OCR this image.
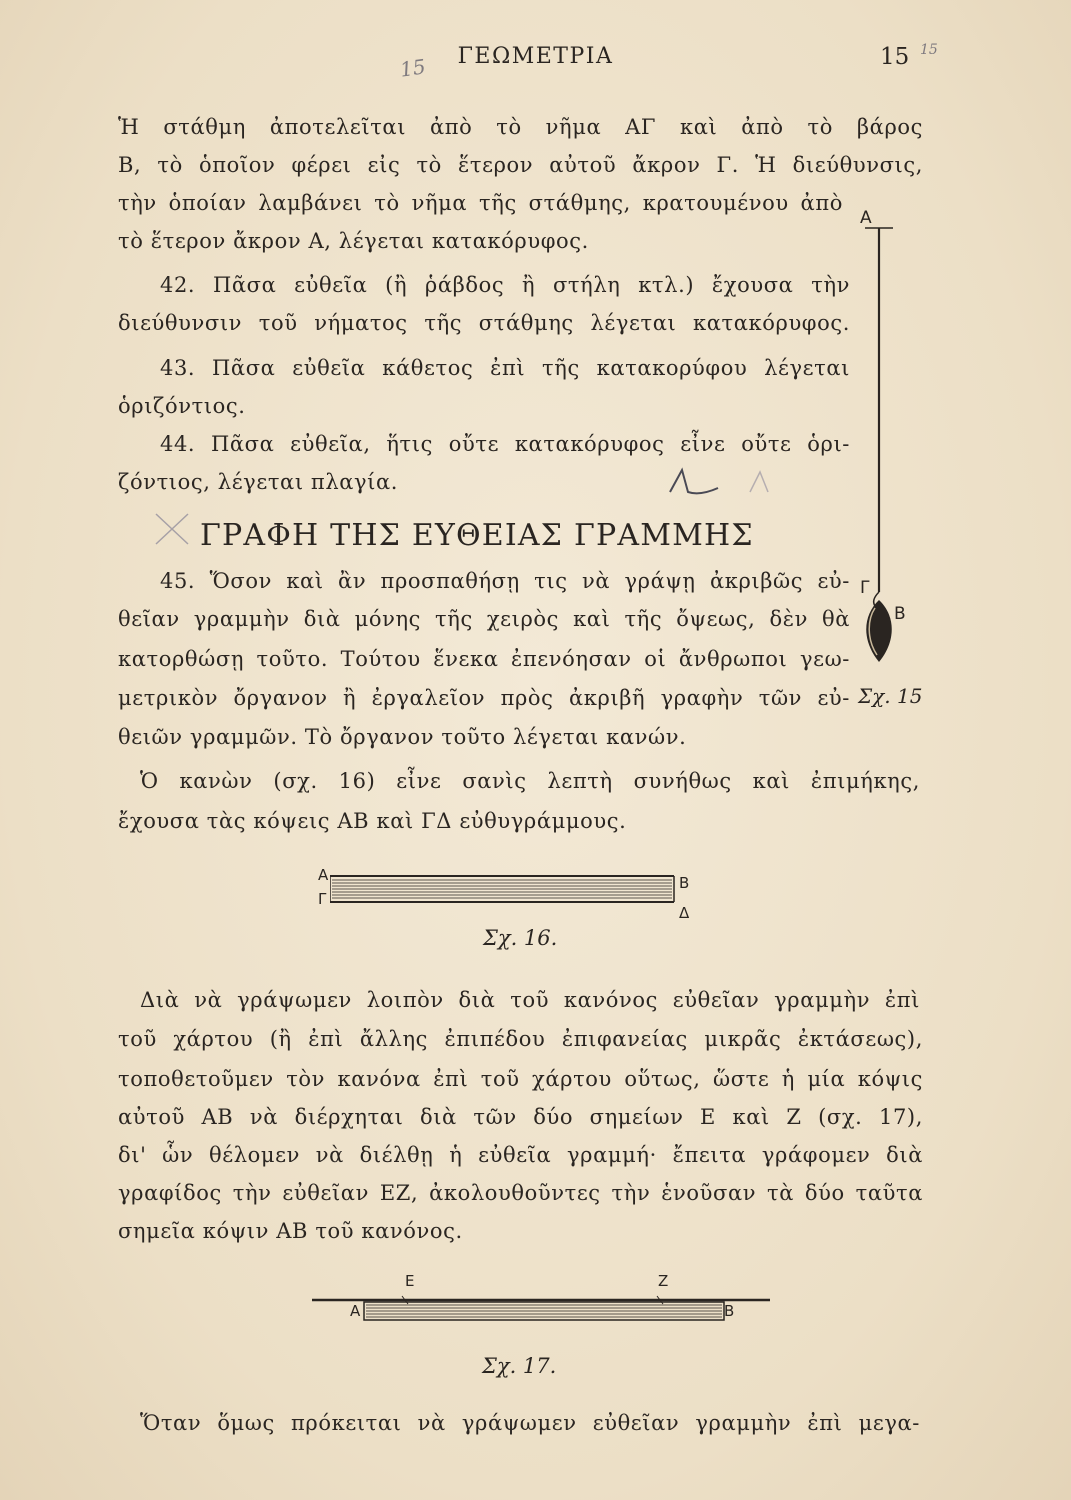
15	ΓΕΩΜΕΤΡΙΑ	15 15
Ἡ στάθμη ἀποτελεῖται ἀπὸ τὸ νῆμα ΑΓ καὶ ἀπὸ τὸ βάρος
Β, τὸ ὁποῖον φέρει εἰς τὸ ἕτερον αὐτοῦ ἄκρον Γ. Ἡ διεύθυνσις,
τὴν ὁποίαν λαμβάνει τὸ νῆμα τῆς στάθμης, κρατουμένου ἀπὸ
τὸ ἕτερον ἄκρον Α, λέγεται κατακόρυφος.
42. Πᾶσα εὐθεῖα (ἢ ῥάβδος ἢ στήλη κτλ.) ἔχουσα τὴν
διεύθυνσιν τοῦ νήματος τῆς στάθμης λέγεται κατακόρυφος.
43. Πᾶσα εὐθεῖα κάθετος ἐπὶ τῆς κατακορύφου λέγεται
ὁριζόντιος.
44. Πᾶσα εὐθεῖα, ἥτις οὔτε κατακόρυφος εἶνε οὔτε ὁρι-
ζόντιος, λέγεται πλαγία.
ΓΡΑΦΗ ΤΗΣ ΕΥΘΕΙΑΣ ΓΡΑΜΜΗΣ
45. Ὅσον καὶ ἂν προσπαθήσῃ τις νὰ γράψῃ ἀκριβῶς εὐ-
θεῖαν γραμμὴν διὰ μόνης τῆς χειρὸς καὶ τῆς ὄψεως, δὲν θὰ
κατορθώσῃ τοῦτο. Τούτου ἕνεκα ἐπενόησαν οἱ ἄνθρωποι γεω-
μετρικὸν ὄργανον ἢ ἐργαλεῖον πρὸς ἀκριβῆ γραφὴν τῶν εὐ-
θειῶν γραμμῶν. Τὸ ὄργανον τοῦτο λέγεται κανών.
Ὁ κανὼν (σχ. 16) εἶνε σανὶς λεπτὴ συνήθως καὶ ἐπιμήκης,
ἔχουσα τὰς κόψεις ΑΒ καὶ ΓΔ εὐθυγράμμους.
Α
Γ
Β
Σχ. 15
Α
Γ
Β
Δ
Σχ. 16.
Διὰ νὰ γράψωμεν λοιπὸν διὰ τοῦ κανόνος εὐθεῖαν γραμμὴν ἐπὶ
τοῦ χάρτου (ἢ ἐπὶ ἄλλης ἐπιπέδου ἐπιφανείας μικρᾶς ἐκτάσεως),
τοποθετοῦμεν τὸν κανόνα ἐπὶ τοῦ χάρτου οὕτως, ὥστε ἡ μία κόψις
αὐτοῦ ΑΒ νὰ διέρχηται διὰ τῶν δύο σημείων Ε καὶ Ζ (σχ. 17),
δι' ὧν θέλομεν νὰ διέλθῃ ἡ εὐθεῖα γραμμή· ἔπειτα γράφομεν διὰ
γραφίδος τὴν εὐθεῖαν ΕΖ, ἀκολουθοῦντες τὴν ἑνοῦσαν τὰ δύο ταῦτα
σημεῖα κόψιν ΑΒ τοῦ κανόνος.
Ε	Ζ
Α	Β
Σχ. 17.
Ὅταν ὅμως πρόκειται νὰ γράψωμεν εὐθεῖαν γραμμὴν ἐπὶ μεγα-
